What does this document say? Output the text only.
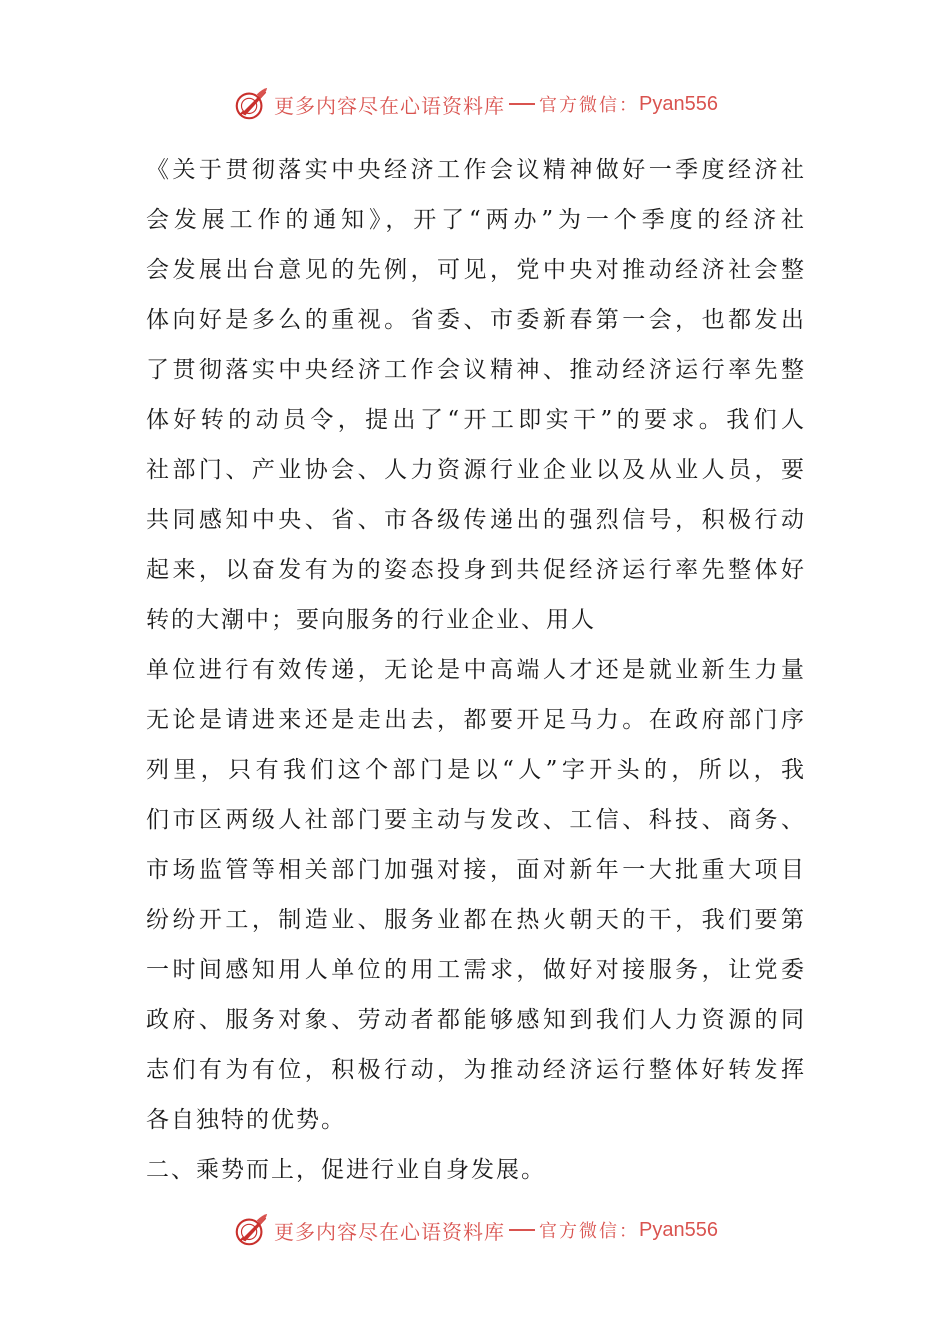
更多内容尽在心语资料库 官方微信： Pyan556
《关于贯彻落实中央经济工作会议精神做好一季度经济社
会发展工作的通知》，开了“两办”为一个季度的经济社
会发展出台意见的先例，可见，党中央对推动经济社会整
体向好是多么的重视。省委、市委新春第一会，也都发出
了贯彻落实中央经济工作会议精神、推动经济运行率先整
体好转的动员令，提出了“开工即实干”的要求。我们人
社部门、产业协会、人力资源行业企业以及从业人员，要
共同感知中央、省、市各级传递出的强烈信号，积极行动
起来，以奋发有为的姿态投身到共促经济运行率先整体好
转的大潮中；要向服务的行业企业、用人
单位进行有效传递，无论是中高端人才还是就业新生力量
无论是请进来还是走出去，都要开足马力。在政府部门序
列里，只有我们这个部门是以“人”字开头的，所以，我
们市区两级人社部门要主动与发改、工信、科技、商务、
市场监管等相关部门加强对接，面对新年一大批重大项目
纷纷开工，制造业、服务业都在热火朝天的干，我们要第
一时间感知用人单位的用工需求，做好对接服务，让党委
政府、服务对象、劳动者都能够感知到我们人力资源的同
志们有为有位，积极行动，为推动经济运行整体好转发挥
各自独特的优势。
二、乘势而上，促进行业自身发展。
更多内容尽在心语资料库 官方微信： Pyan556
